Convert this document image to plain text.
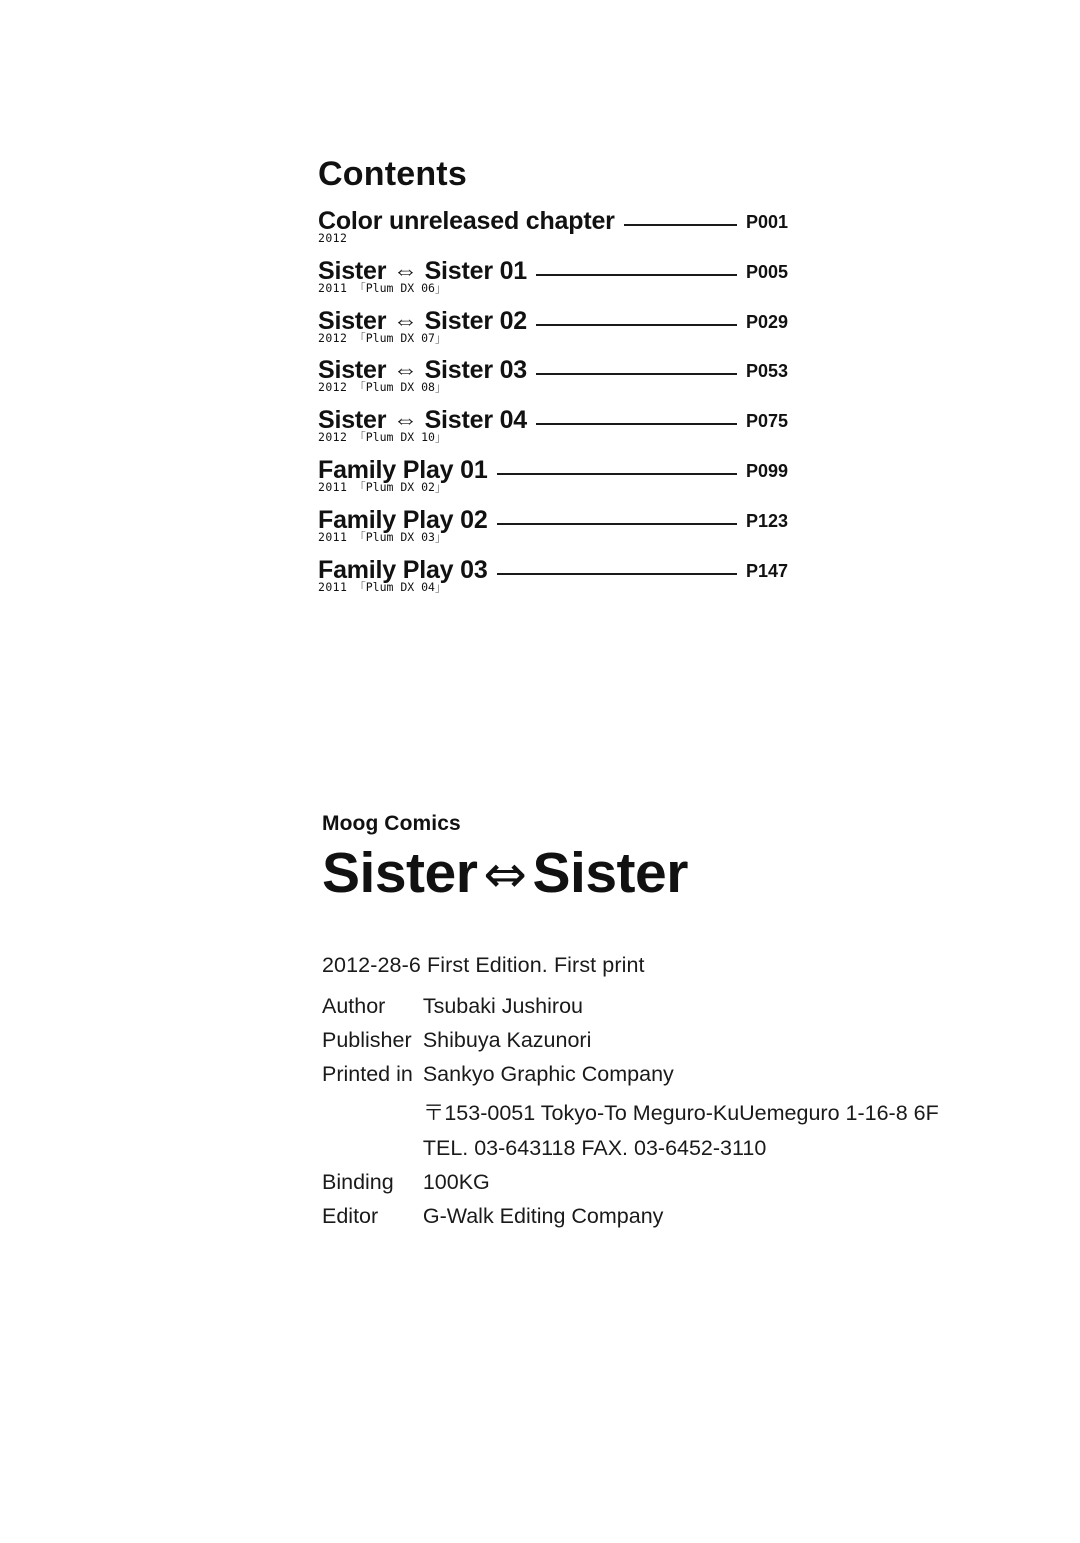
Contents
Color unreleased chapter	P001
2012
Sister ⇔ Sister 01	P005
2011 「Plum DX 06」
Sister ⇔ Sister 02	P029
2012 「Plum DX 07」
Sister ⇔ Sister 03	P053
2012 「Plum DX 08」
Sister ⇔ Sister 04	P075
2012 「Plum DX 10」
Family Play 01	P099
2011 「Plum DX 02」
Family Play 02	P123
2011 「Plum DX 03」
Family Play 03	P147
2011 「Plum DX 04」
Moog Comics
Sister ⇔ Sister
2012-28-6 First Edition. First print
Author	Tsubaki Jushirou
Publisher	Shibuya Kazunori
Printed in	Sankyo Graphic Company
	〒153-0051 Tokyo-To Meguro-KuUemeguro 1-16-8 6F
	TEL. 03-643118 FAX. 03-6452-3110
Binding	100KG
Editor	G-Walk Editing Company
